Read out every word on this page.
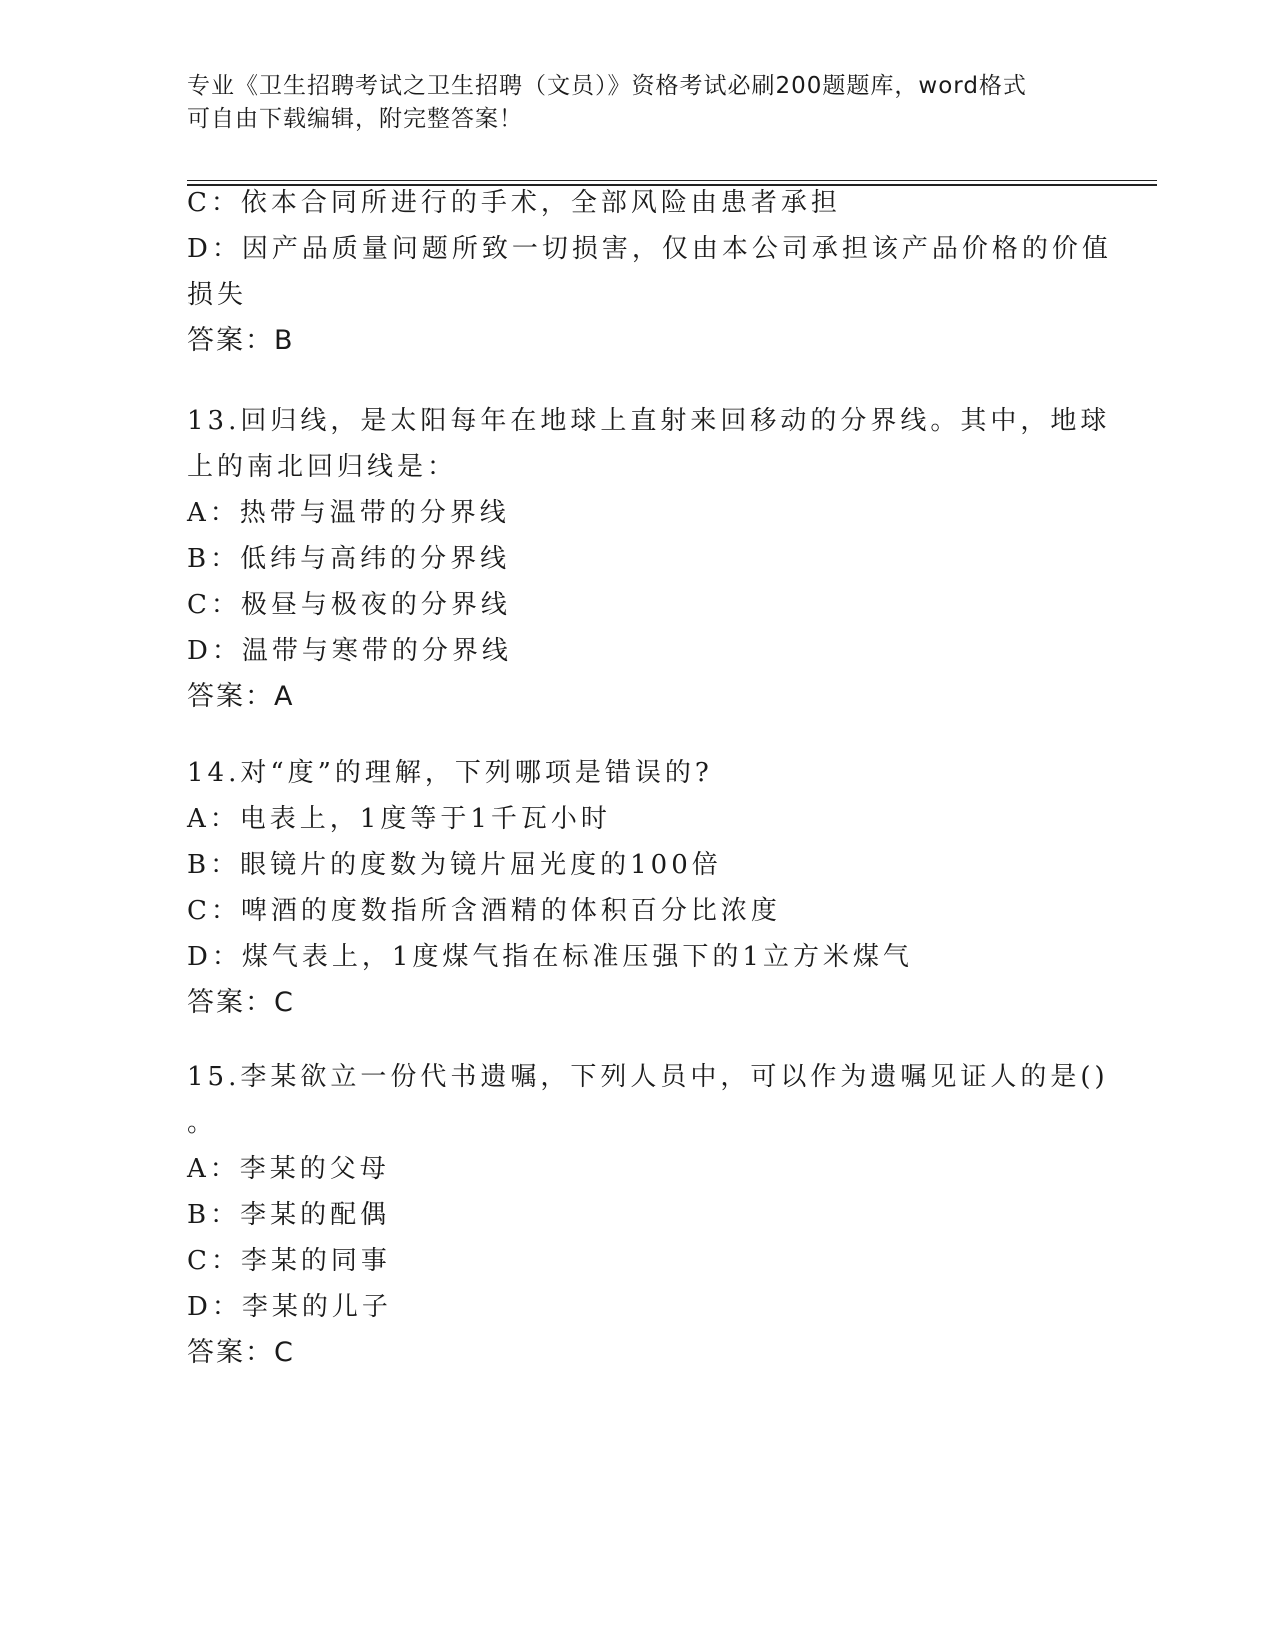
专业《卫生招聘考试之卫生招聘（文员）》资格考试必刷200题题库，word格式
可自由下载编辑，附完整答案！
C：依本合同所进行的手术，全部风险由患者承担
D：因产品质量问题所致一切损害，仅由本公司承担该产品价格的价值
损失
答案：B
13.回归线，是太阳每年在地球上直射来回移动的分界线。其中，地球
上的南北回归线是：
A：热带与温带的分界线
B：低纬与高纬的分界线
C：极昼与极夜的分界线
D：温带与寒带的分界线
答案：A
14.对“度”的理解，下列哪项是错误的?
A：电表上，1度等于1千瓦小时
B：眼镜片的度数为镜片屈光度的100倍
C：啤酒的度数指所含酒精的体积百分比浓度
D：煤气表上，1度煤气指在标准压强下的1立方米煤气
答案：C
15.李某欲立一份代书遗嘱，下列人员中，可以作为遗嘱见证人的是()
。
A：李某的父母
B：李某的配偶
C：李某的同事
D：李某的儿子
答案：C
